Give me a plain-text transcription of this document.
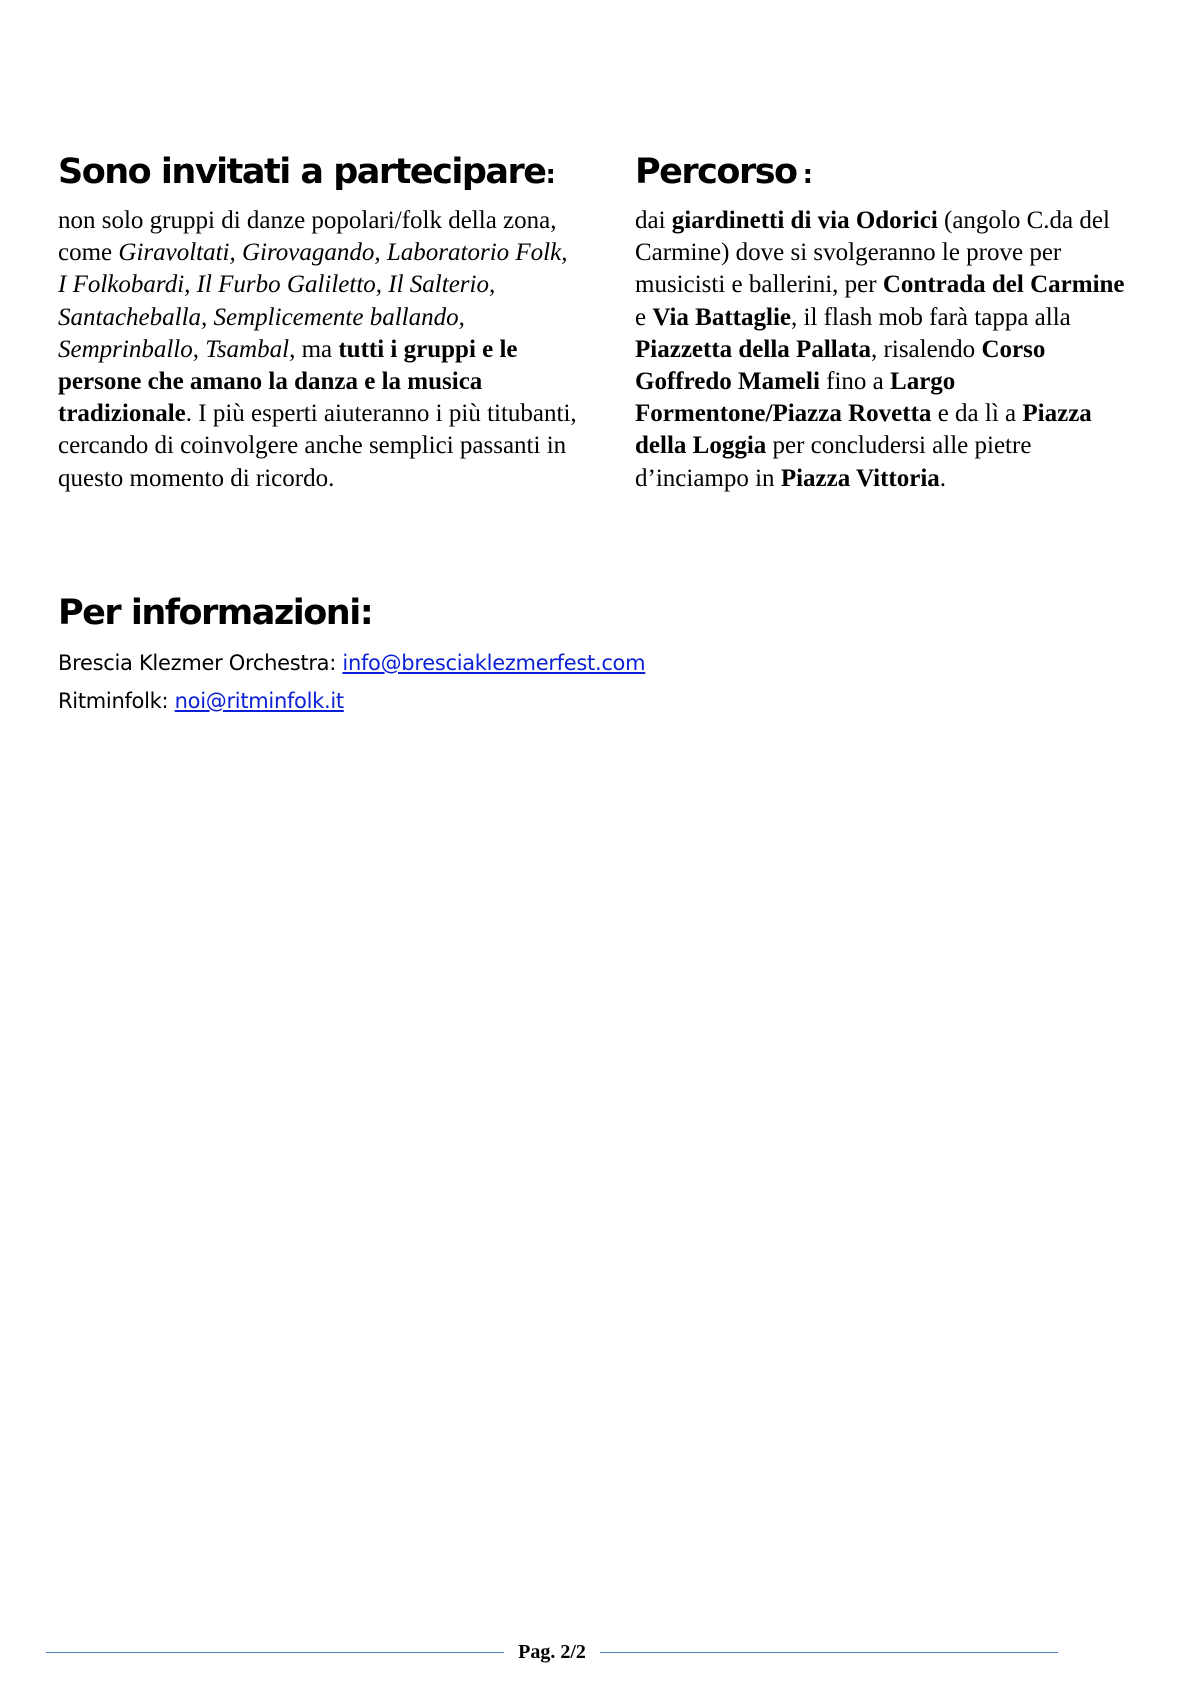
Sono invitati a partecipare:

non solo gruppi di danze popolari/folk della zona, come Giravoltati, Girovagando, Laboratorio Folk, I Folkobardi, Il Furbo Galiletto, Il Salterio, Santacheballa, Semplicemente ballando, Semprinballo, Tsambal, ma tutti i gruppi e le persone che amano la danza e la musica tradizionale. I più esperti aiuteranno i più titubanti, cercando di coinvolgere anche semplici passanti in questo momento di ricordo.

Percorso :

dai giardinetti di via Odorici (angolo C.da del Carmine) dove si svolgeranno le prove per musicisti e ballerini, per Contrada del Carmine e Via Battaglie, il flash mob farà tappa alla Piazzetta della Pallata, risalendo Corso Goffredo Mameli fino a Largo Formentone/Piazza Rovetta e da lì a Piazza della Loggia per concludersi alle pietre d’inciampo in Piazza Vittoria.

Per informazioni:
Brescia Klezmer Orchestra: info@bresciaklezmerfest.com
Ritminfolk: noi@ritminfolk.it
Pag. 2/2
